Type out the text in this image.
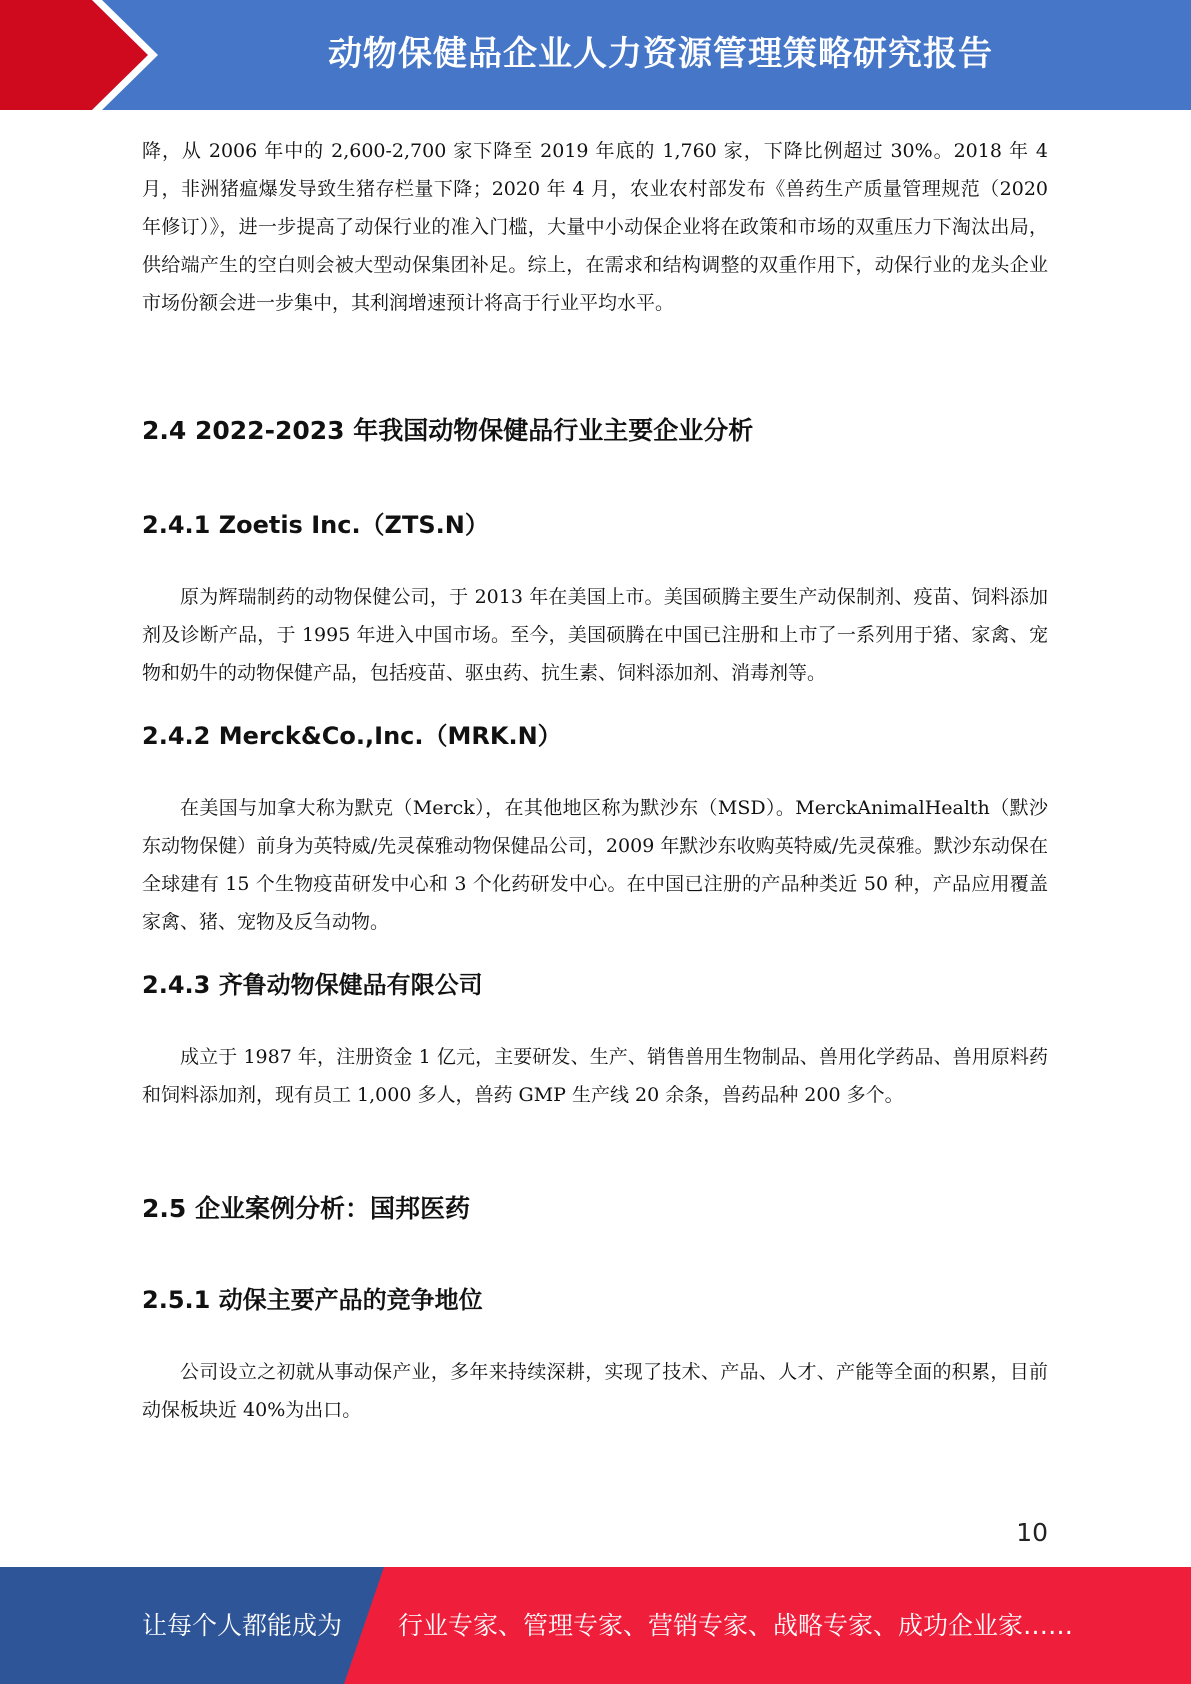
动物保健品企业人力资源管理策略研究报告

降，从 2006 年中的 2,600-2,700 家下降至 2019 年底的 1,760 家，下降比例超过 30%。2018 年 4 月，非洲猪瘟爆发导致生猪存栏量下降；2020 年 4 月，农业农村部发布《兽药生产质量管理规范（2020 年修订）》，进一步提高了动保行业的准入门槛，大量中小动保企业将在政策和市场的双重压力下淘汰出局，供给端产生的空白则会被大型动保集团补足。综上，在需求和结构调整的双重作用下，动保行业的龙头企业市场份额会进一步集中，其利润增速预计将高于行业平均水平。

2.4 2022-2023 年我国动物保健品行业主要企业分析
2.4.1 Zoetis Inc.（ZTS.N）

原为辉瑞制药的动物保健公司，于 2013 年在美国上市。美国硕腾主要生产动保制剂、疫苗、饲料添加剂及诊断产品，于 1995 年进入中国市场。至今，美国硕腾在中国已注册和上市了一系列用于猪、家禽、宠物和奶牛的动物保健产品，包括疫苗、驱虫药、抗生素、饲料添加剂、消毒剂等。

2.4.2 Merck&Co.,Inc.（MRK.N）

在美国与加拿大称为默克（Merck），在其他地区称为默沙东（MSD）。MerckAnimalHealth（默沙东动物保健）前身为英特威/先灵葆雅动物保健品公司，2009 年默沙东收购英特威/先灵葆雅。默沙东动保在全球建有 15 个生物疫苗研发中心和 3 个化药研发中心。在中国已注册的产品种类近 50 种，产品应用覆盖家禽、猪、宠物及反刍动物。

2.4.3 齐鲁动物保健品有限公司

成立于 1987 年，注册资金 1 亿元，主要研发、生产、销售兽用生物制品、兽用化学药品、兽用原料药和饲料添加剂，现有员工 1,000 多人，兽药 GMP 生产线 20 余条，兽药品种 200 多个。

2.5 企业案例分析：国邦医药
2.5.1 动保主要产品的竞争地位

公司设立之初就从事动保产业，多年来持续深耕，实现了技术、产品、人才、产能等全面的积累，目前动保板块近 40%为出口。

10
让每个人都能成为 行业专家、管理专家、营销专家、战略专家、成功企业家……
